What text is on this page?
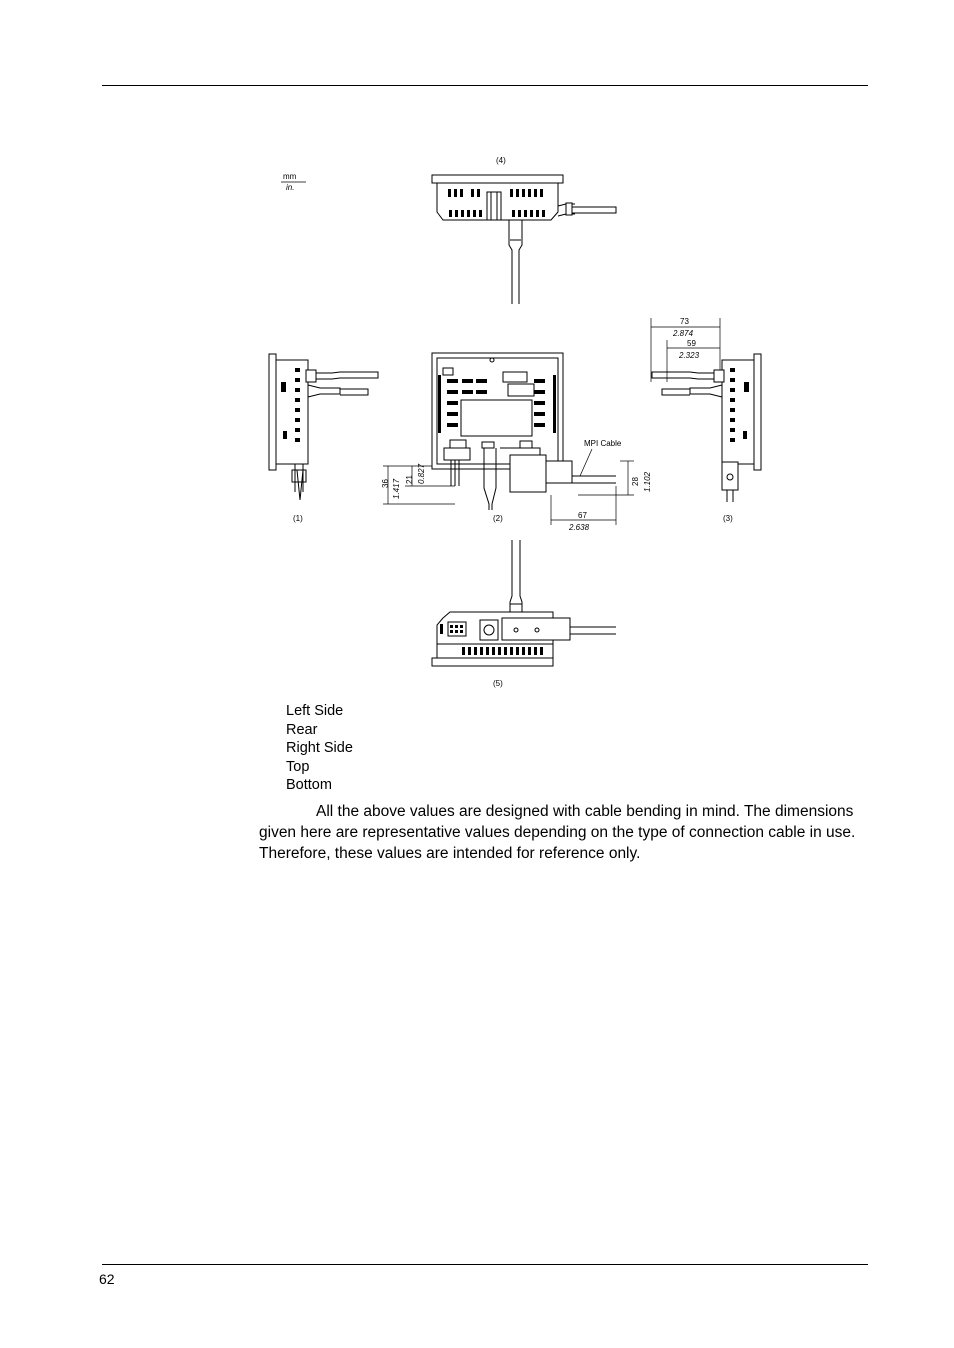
mm
in.
(4)
(1)	(2)
36 1.417 21 0.827	28 1.102
67
2.638
MPI Cable
(3)
73
2.874
59
2.323
(5)
Left Side
Rear
Right Side
Top
Bottom

All the above values are designed with cable bending in mind. The dimensions given here are representative values depending on the type of connection cable in use. Therefore, these values are intended for reference only.

62
